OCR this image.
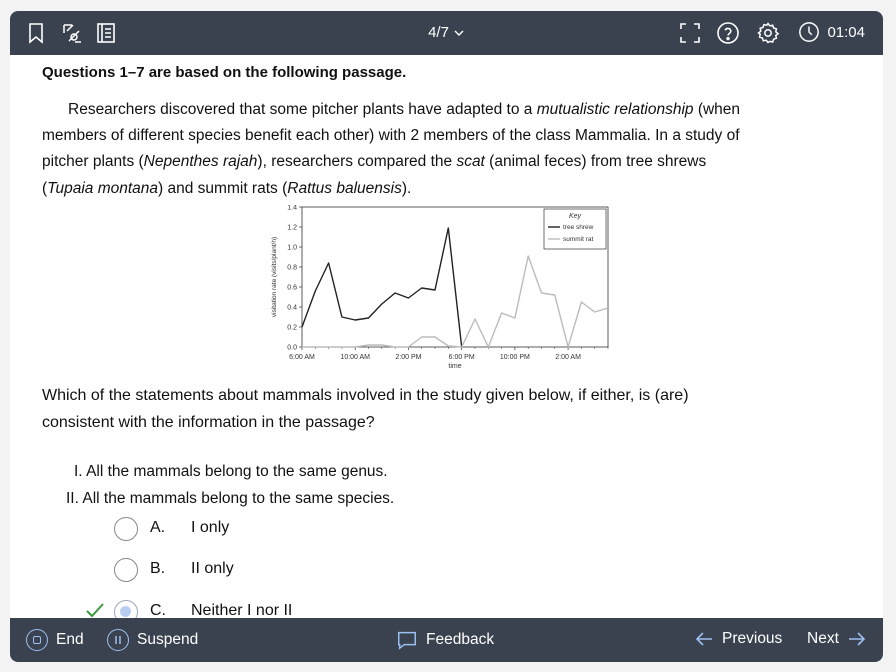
4/7	01:04
Questions 1–7 are based on the following passage.
Researchers discovered that some pitcher plants have adapted to a mutualistic relationship (when members of different species benefit each other) with 2 members of the class Mammalia. In a study of pitcher plants (Nepenthes rajah), researchers compared the scat (animal feces) from tree shrews (Tupaia montana) and summit rats (Rattus baluensis).
0.0
0.2
0.4
0.6
0.8
1.0
1.2
1.4
6:00 AM	10:00 AM	2:00 PM	6:00 PM	10:00 PM	2:00 AM
time
visitation rate (visits/plant/h)
Key
tree shrew
summit rat
Which of the statements about mammals involved in the study given below, if either, is (are) consistent with the information in the passage?
I. All the mammals belong to the same genus.
II. All the mammals belong to the same species.
A. I only
B. II only
C. Neither I nor II
End	Suspend	Feedback	Previous Next
